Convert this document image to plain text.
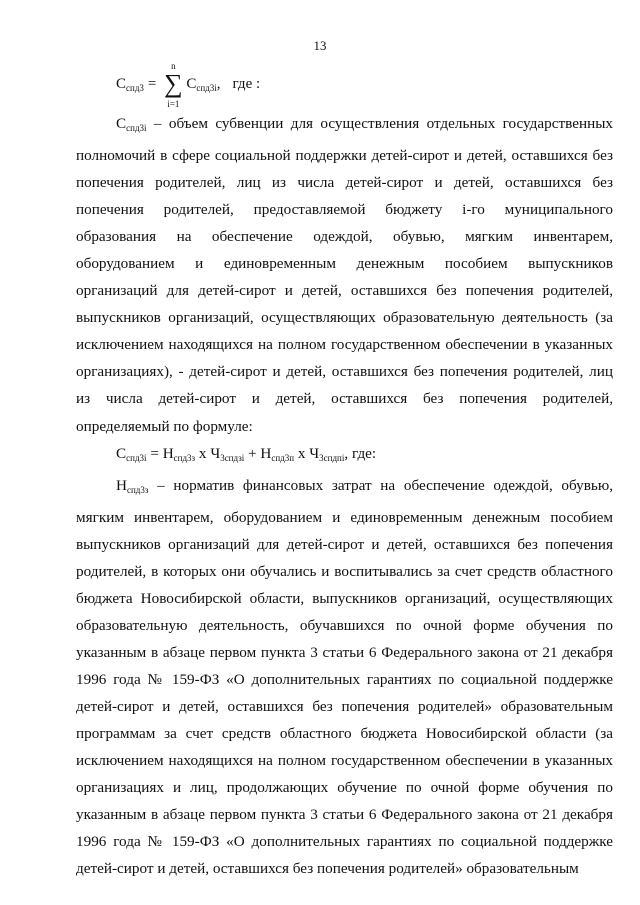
13
$С_{спд3}$ =
n
∑
i=1
$С_{спд3i}$ , где :

$С_{спд3i}$ – объем субвенции для осуществления отдельных государственных полномочий в сфере социальной поддержки детей-сирот и детей, оставшихся без попечения родителей, лиц из числа детей-сирот и детей, оставшихся без попечения родителей, предоставляемой бюджету i-го муниципального образования на обеспечение одеждой, обувью, мягким инвентарем, оборудованием и единовременным денежным пособием выпускников организаций для детей-сирот и детей, оставшихся без попечения родителей, выпускников организаций, осуществляющих образовательную деятельность (за исключением находящихся на полном государственном обеспечении в указанных организациях), - детей-сирот и детей, оставшихся без попечения родителей, лиц из числа детей-сирот и детей, оставшихся без попечения родителей, определяемый по формуле:

$С_{спд3i} = Н_{спд3з}$ х $Ч_{3спдзi} + Н_{спд3п}$ х $Ч_{3спдпi}$, где:

$Н_{спд3з}$ – норматив финансовых затрат на обеспечение одеждой, обувью, мягким инвентарем, оборудованием и единовременным денежным пособием выпускников организаций для детей-сирот и детей, оставшихся без попечения родителей, в которых они обучались и воспитывались за счет средств областного бюджета Новосибирской области, выпускников организаций, осуществляющих образовательную деятельность, обучавшихся по очной форме обучения по указанным в абзаце первом пункта 3 статьи 6 Федерального закона от 21 декабря 1996 года № 159-ФЗ «О дополнительных гарантиях по социальной поддержке детей-сирот и детей, оставшихся без попечения родителей» образовательным программам за счет средств областного бюджета Новосибирской области (за исключением находящихся на полном государственном обеспечении в указанных организациях и лиц, продолжающих обучение по очной форме обучения по указанным в абзаце первом пункта 3 статьи 6 Федерального закона от 21 декабря 1996 года № 159-ФЗ «О дополнительных гарантиях по социальной поддержке детей-сирот и детей, оставшихся без попечения родителей» образовательным
